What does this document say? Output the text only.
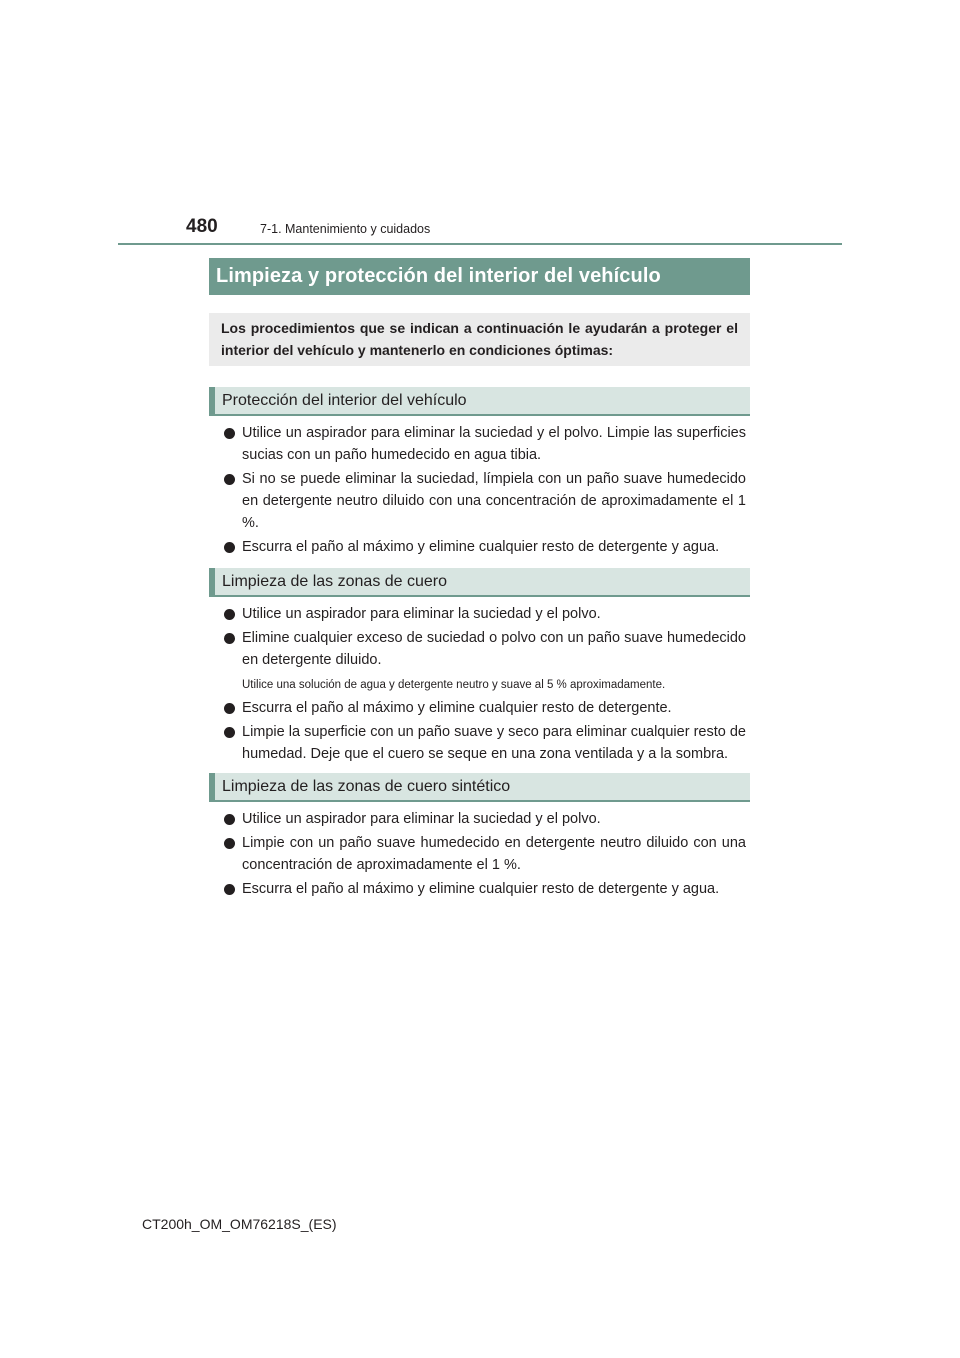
480	7-1. Mantenimiento y cuidados
Limpieza y protección del interior del vehículo
Los procedimientos que se indican a continuación le ayudarán a proteger el interior del vehículo y mantenerlo en condiciones óptimas:
Protección del interior del vehículo
Utilice un aspirador para eliminar la suciedad y el polvo. Limpie las superficies sucias con un paño humedecido en agua tibia.
Si no se puede eliminar la suciedad, límpiela con un paño suave humedecido en detergente neutro diluido con una concentración de aproximadamente el 1 %.
Escurra el paño al máximo y elimine cualquier resto de detergente y agua.
Limpieza de las zonas de cuero
Utilice un aspirador para eliminar la suciedad y el polvo.
Elimine cualquier exceso de suciedad o polvo con un paño suave humedecido en detergente diluido.
Utilice una solución de agua y detergente neutro y suave al 5 % aproximadamente.
Escurra el paño al máximo y elimine cualquier resto de detergente.
Limpie la superficie con un paño suave y seco para eliminar cualquier resto de humedad. Deje que el cuero se seque en una zona ventilada y a la sombra.
Limpieza de las zonas de cuero sintético
Utilice un aspirador para eliminar la suciedad y el polvo.
Limpie con un paño suave humedecido en detergente neutro diluido con una concentración de aproximadamente el 1 %.
Escurra el paño al máximo y elimine cualquier resto de detergente y agua.
CT200h_OM_OM76218S_(ES)
